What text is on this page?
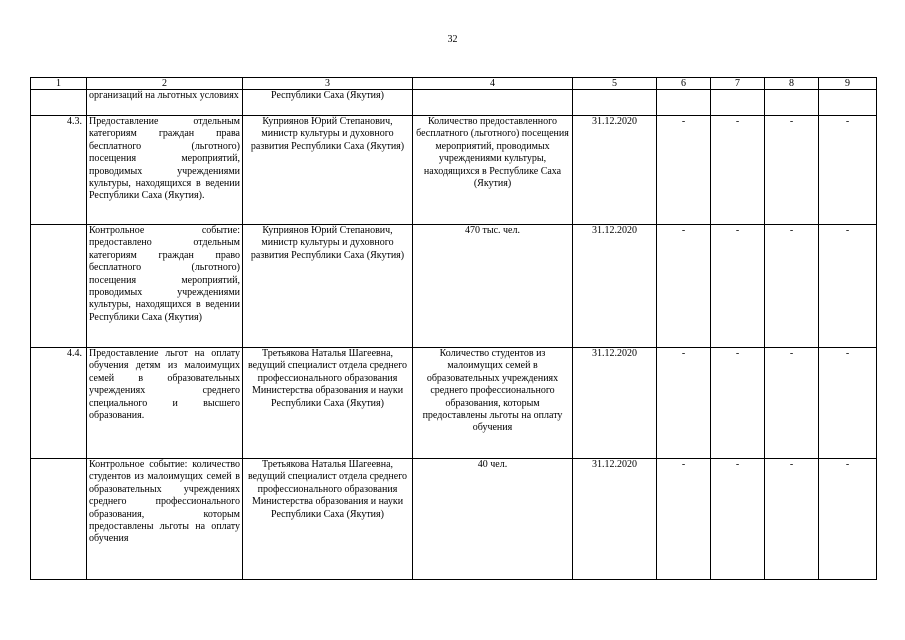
32
1	2	3	4	5	6	7	8	9
	организаций на льготных условиях	Республики Саха (Якутия)						
4.3.	Предоставление отдельным категориям граждан права бесплатного (льготного) посещения мероприятий, проводимых учреждениями культуры, находящихся в ведении Республики Саха (Якутия).	Куприянов Юрий Степанович, министр культуры и духовного развития Республики Саха (Якутия)	Количество предоставленного бесплатного (льготного) посещения мероприятий, проводимых учреждениями культуры, находящихся в Республике Саха (Якутия)	31.12.2020	-	-	-	-
	Контрольное событие: предоставлено отдельным категориям граждан право бесплатного (льготного) посещения мероприятий, проводимых учреждениями культуры, находящихся в ведении Республики Саха (Якутия)	Куприянов Юрий Степанович, министр культуры и духовного развития Республики Саха (Якутия)	470 тыс. чел.	31.12.2020	-	-	-	-
4.4.	Предоставление льгот на оплату обучения детям из малоимущих семей в образовательных учреждениях среднего специального и высшего образования.	Третьякова Наталья Шагеевна, ведущий специалист отдела среднего профессионального образования Министерства образования и науки Республики Саха (Якутия)	Количество студентов из малоимущих семей в образовательных учреждениях среднего профессионального образования, которым предоставлены льготы на оплату обучения	31.12.2020	-	-	-	-
	Контрольное событие: количество студентов из малоимущих семей в образовательных учреждениях среднего профессионального образования, которым предоставлены льготы на оплату обучения	Третьякова Наталья Шагеевна, ведущий специалист отдела среднего профессионального образования Министерства образования и науки Республики Саха (Якутия)	40 чел.	31.12.2020	-	-	-	-
